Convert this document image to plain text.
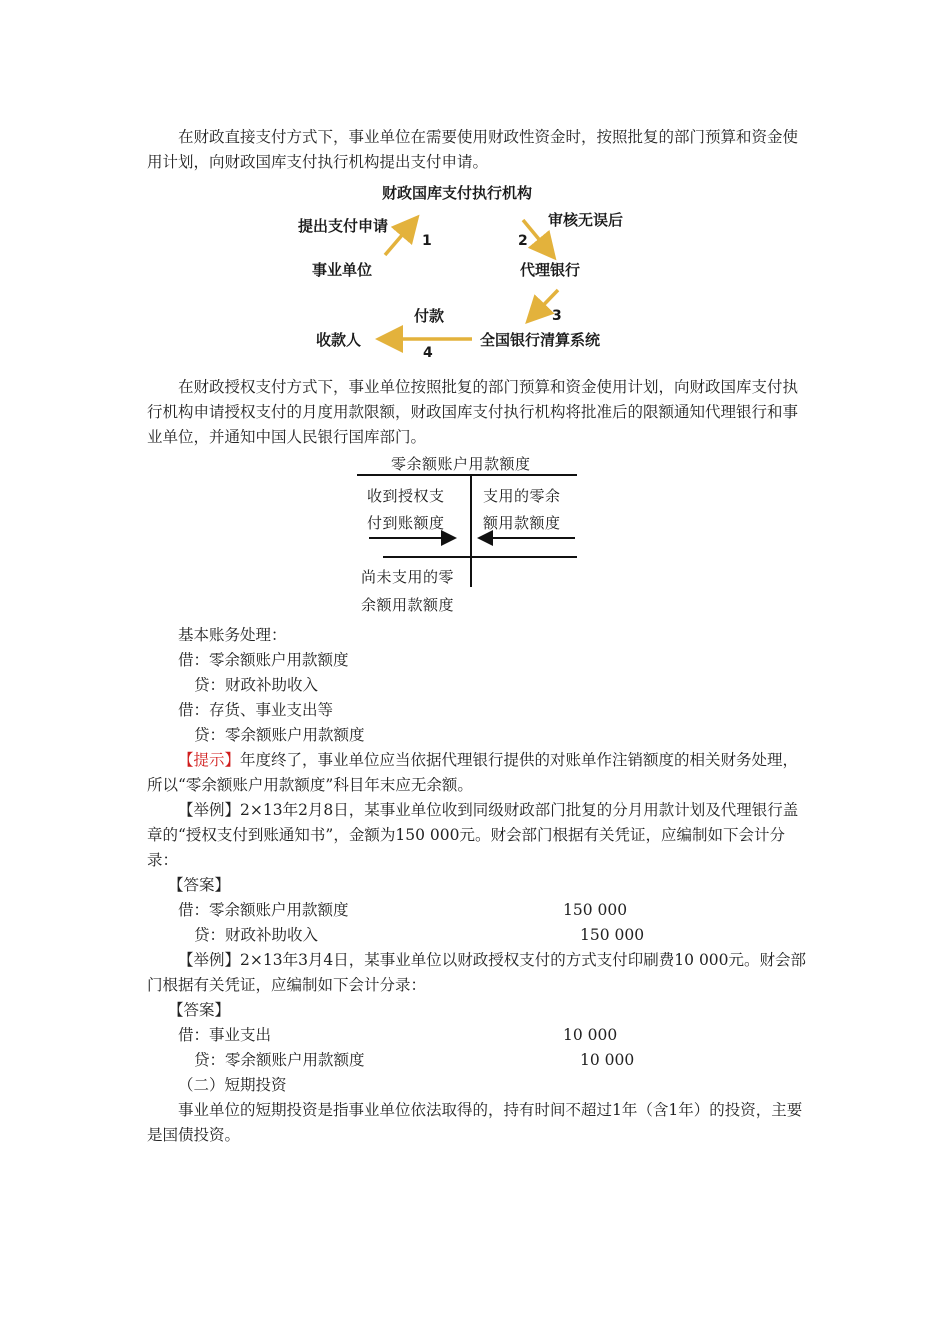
在财政直接支付方式下，事业单位在需要使用财政性资金时，按照批复的部门预算和资金使用计划，向财政国库支付执行机构提出支付申请。

财政国库支付执行机构
提出支付申请
1
审核无误后
2
事业单位	代理银行
付款	3
收款人	全国银行清算系统
4

在财政授权支付方式下，事业单位按照批复的部门预算和资金使用计划，向财政国库支付执行机构申请授权支付的月度用款限额，财政国库支付执行机构将批准后的限额通知代理银行和事业单位，并通知中国人民银行国库部门。

零余额账户用款额度
收到授权支
付到账额度
支用的零余
额用款额度
尚未支用的零
余额用款额度
基本账务处理：
借：零余额账户用款额度
贷：财政补助收入
借：存货、事业支出等
贷：零余额账户用款额度

【提示】年度终了，事业单位应当依据代理银行提供的对账单作注销额度的相关财务处理，所以“零余额账户用款额度”科目年末应无余额。

【举例】2×13年2月8日，某事业单位收到同级财政部门批复的分月用款计划及代理银行盖章的“授权支付到账通知书”，金额为150 000元。财会部门根据有关凭证，应编制如下会计分录：

【答案】
借：零余额账户用款额度	150 000
贷：财政补助收入	150 000

【举例】2×13年3月4日，某事业单位以财政授权支付的方式支付印刷费10 000元。财会部门根据有关凭证，应编制如下会计分录：

【答案】
借：事业支出	10 000
贷：零余额账户用款额度	10 000
（二）短期投资

事业单位的短期投资是指事业单位依法取得的，持有时间不超过1年（含1年）的投资，主要是国债投资。
